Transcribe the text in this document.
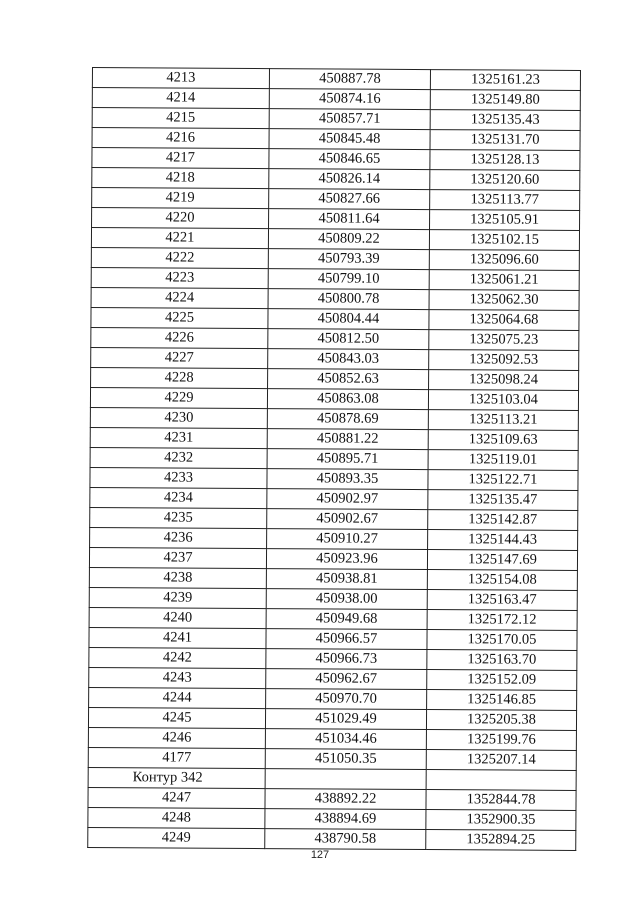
4213	450887.78	1325161.23
4214	450874.16	1325149.80
4215	450857.71	1325135.43
4216	450845.48	1325131.70
4217	450846.65	1325128.13
4218	450826.14	1325120.60
4219	450827.66	1325113.77
4220	450811.64	1325105.91
4221	450809.22	1325102.15
4222	450793.39	1325096.60
4223	450799.10	1325061.21
4224	450800.78	1325062.30
4225	450804.44	1325064.68
4226	450812.50	1325075.23
4227	450843.03	1325092.53
4228	450852.63	1325098.24
4229	450863.08	1325103.04
4230	450878.69	1325113.21
4231	450881.22	1325109.63
4232	450895.71	1325119.01
4233	450893.35	1325122.71
4234	450902.97	1325135.47
4235	450902.67	1325142.87
4236	450910.27	1325144.43
4237	450923.96	1325147.69
4238	450938.81	1325154.08
4239	450938.00	1325163.47
4240	450949.68	1325172.12
4241	450966.57	1325170.05
4242	450966.73	1325163.70
4243	450962.67	1325152.09
4244	450970.70	1325146.85
4245	451029.49	1325205.38
4246	451034.46	1325199.76
4177	451050.35	1325207.14
Контур 342		
4247	438892.22	1352844.78
4248	438894.69	1352900.35
4249	438790.58	1352894.25
127
